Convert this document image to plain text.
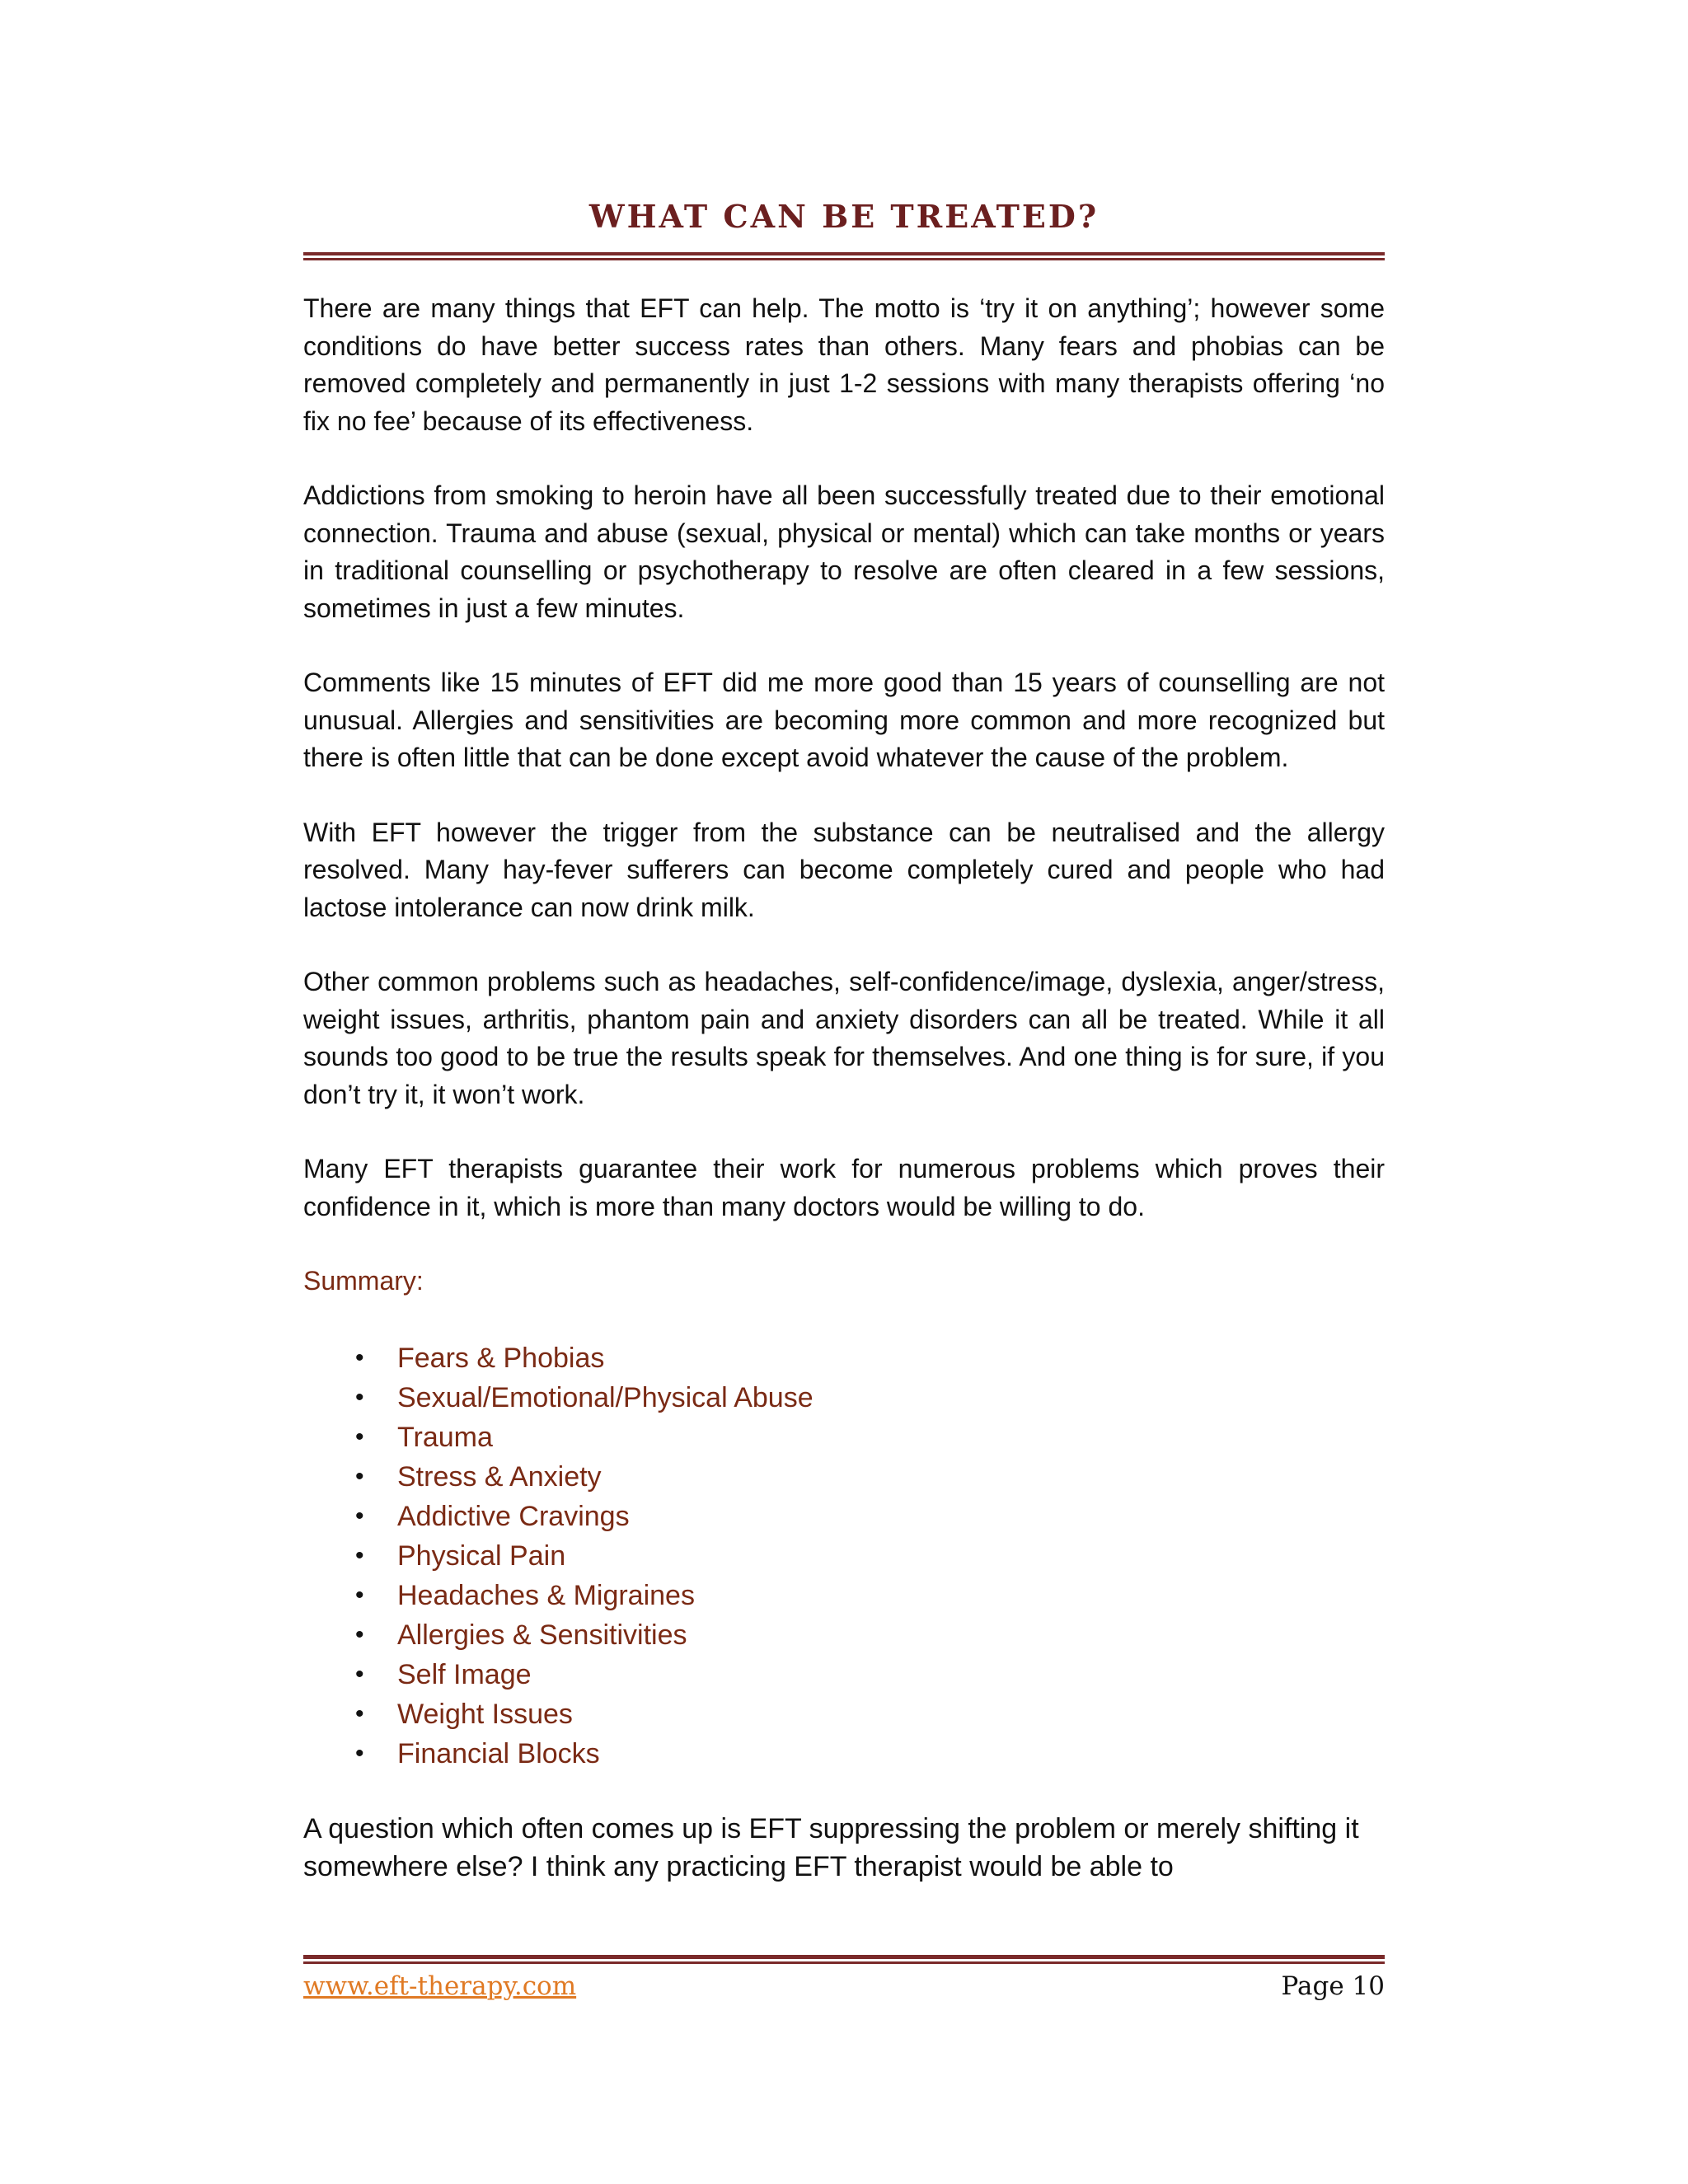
WHAT CAN BE TREATED?

There are many things that EFT can help. The motto is ‘try it on anything’; however some conditions do have better success rates than others. Many fears and phobias can be removed completely and permanently in just 1-2 sessions with many therapists offering ‘no fix no fee’ because of its effectiveness.

Addictions from smoking to heroin have all been successfully treated due to their emotional connection. Trauma and abuse (sexual, physical or mental) which can take months or years in traditional counselling or psychotherapy to resolve are often cleared in a few sessions, sometimes in just a few minutes.

Comments like 15 minutes of EFT did me more good than 15 years of counselling are not unusual. Allergies and sensitivities are becoming more common and more recognized but there is often little that can be done except avoid whatever the cause of the problem.

With EFT however the trigger from the substance can be neutralised and the allergy resolved. Many hay-fever sufferers can become completely cured and people who had lactose intolerance can now drink milk.

Other common problems such as headaches, self-confidence/image, dyslexia, anger/stress, weight issues, arthritis, phantom pain and anxiety disorders can all be treated. While it all sounds too good to be true the results speak for themselves. And one thing is for sure, if you don’t try it, it won’t work.

Many EFT therapists guarantee their work for numerous problems which proves their confidence in it, which is more than many doctors would be willing to do.

Summary:

• Fears & Phobias
• Sexual/Emotional/Physical Abuse
• Trauma
• Stress & Anxiety
• Addictive Cravings
• Physical Pain
• Headaches & Migraines
• Allergies & Sensitivities
• Self Image
• Weight Issues
• Financial Blocks

A question which often comes up is EFT suppressing the problem or merely shifting it somewhere else? I think any practicing EFT therapist would be able to

www.eft-therapy.com	Page 10
